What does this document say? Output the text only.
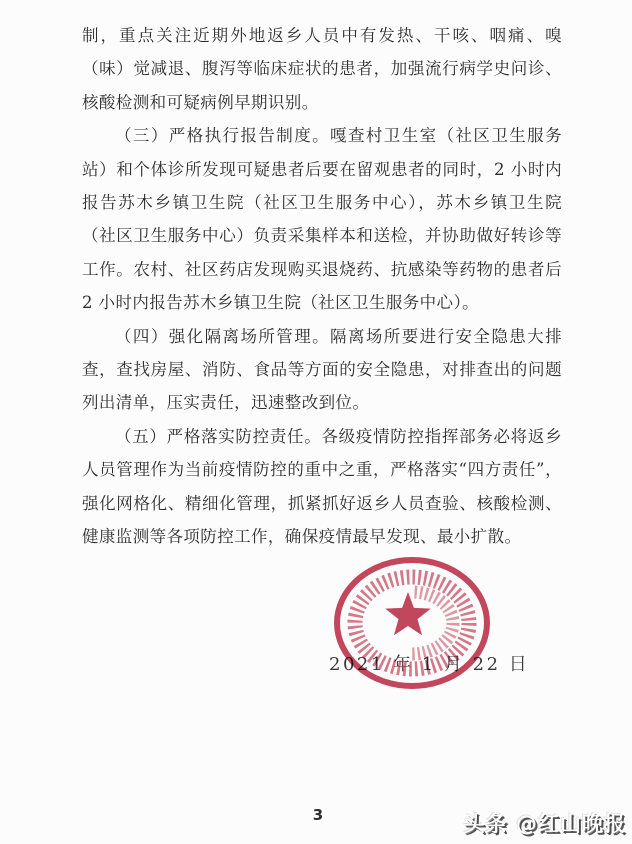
制，重点关注近期外地返乡人员中有发热、干咳、咽痛、嗅（味）觉减退、腹泻等临床症状的患者，加强流行病学史问诊、核酸检测和可疑病例早期识别。

（三）严格执行报告制度。嘎查村卫生室（社区卫生服务站）和个体诊所发现可疑患者后要在留观患者的同时，2 小时内报告苏木乡镇卫生院（社区卫生服务中心），苏木乡镇卫生院（社区卫生服务中心）负责采集样本和送检，并协助做好转诊等工作。农村、社区药店发现购买退烧药、抗感染等药物的患者后 2 小时内报告苏木乡镇卫生院（社区卫生服务中心）。

（四）强化隔离场所管理。隔离场所要进行安全隐患大排查，查找房屋、消防、食品等方面的安全隐患，对排查出的问题列出清单，压实责任，迅速整改到位。

（五）严格落实防控责任。各级疫情防控指挥部务必将返乡人员管理作为当前疫情防控的重中之重，严格落实“四方责任”，强化网格化、精细化管理，抓紧抓好返乡人员查验、核酸检测、健康监测等各项防控工作，确保疫情最早发现、最小扩散。

2021 年 1 月 22 日
3	头条 @红山晚报
